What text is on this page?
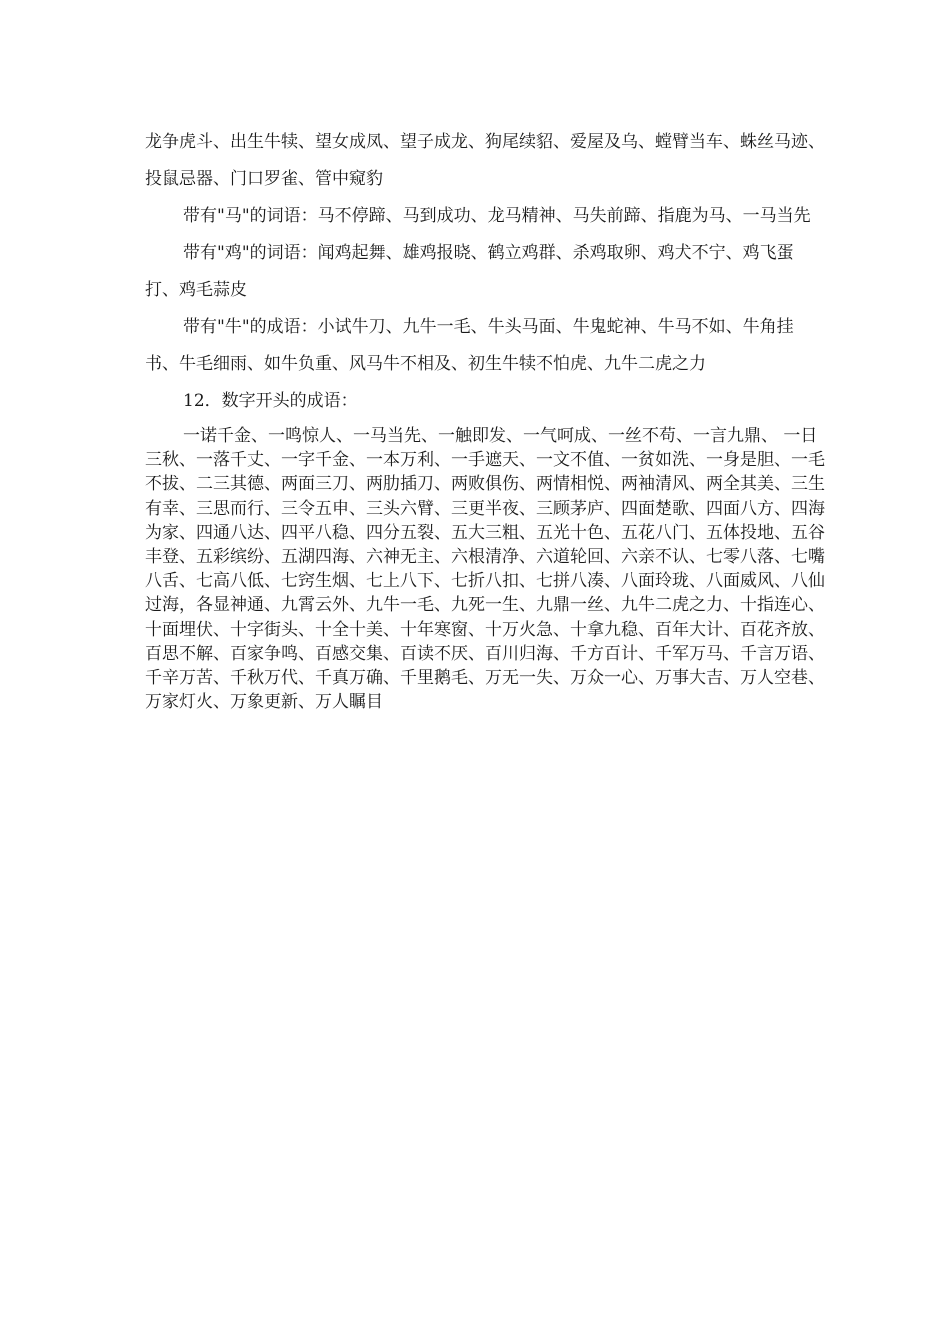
龙争虎斗、出生牛犊、望女成凤、望子成龙、狗尾续貂、爱屋及乌、螳臂当车、蛛丝马迹、投鼠忌器、门口罗雀、管中窥豹

带有"马"的词语：马不停蹄、马到成功、龙马精神、马失前蹄、指鹿为马、一马当先

带有"鸡"的词语：闻鸡起舞、雄鸡报晓、鹤立鸡群、杀鸡取卵、鸡犬不宁、鸡飞蛋打、鸡毛蒜皮

带有"牛"的成语：小试牛刀、九牛一毛、牛头马面、牛鬼蛇神、牛马不如、牛角挂书、牛毛细雨、如牛负重、风马牛不相及、初生牛犊不怕虎、九牛二虎之力

12．数字开头的成语：

一诺千金、一鸣惊人、一马当先、一触即发、一气呵成、一丝不苟、一言九鼎、 一日三秋、一落千丈、一字千金、一本万利、一手遮天、一文不值、一贫如洗、一身是胆、一毛不拔、二三其德、两面三刀、两肋插刀、两败俱伤、两情相悦、两袖清风、两全其美、三生有幸、三思而行、三令五申、三头六臂、三更半夜、三顾茅庐、四面楚歌、四面八方、四海为家、四通八达、四平八稳、四分五裂、五大三粗、五光十色、五花八门、五体投地、五谷丰登、五彩缤纷、五湖四海、六神无主、六根清净、六道轮回、六亲不认、七零八落、七嘴八舌、七高八低、七窍生烟、七上八下、七折八扣、七拼八凑、八面玲珑、八面威风、八仙过海，各显神通、九霄云外、九牛一毛、九死一生、九鼎一丝、九牛二虎之力、十指连心、十面埋伏、十字街头、十全十美、十年寒窗、十万火急、十拿九稳、百年大计、百花齐放、百思不解、百家争鸣、百感交集、百读不厌、百川归海、千方百计、千军万马、千言万语、千辛万苦、千秋万代、千真万确、千里鹅毛、万无一失、万众一心、万事大吉、万人空巷、万家灯火、万象更新、万人瞩目
